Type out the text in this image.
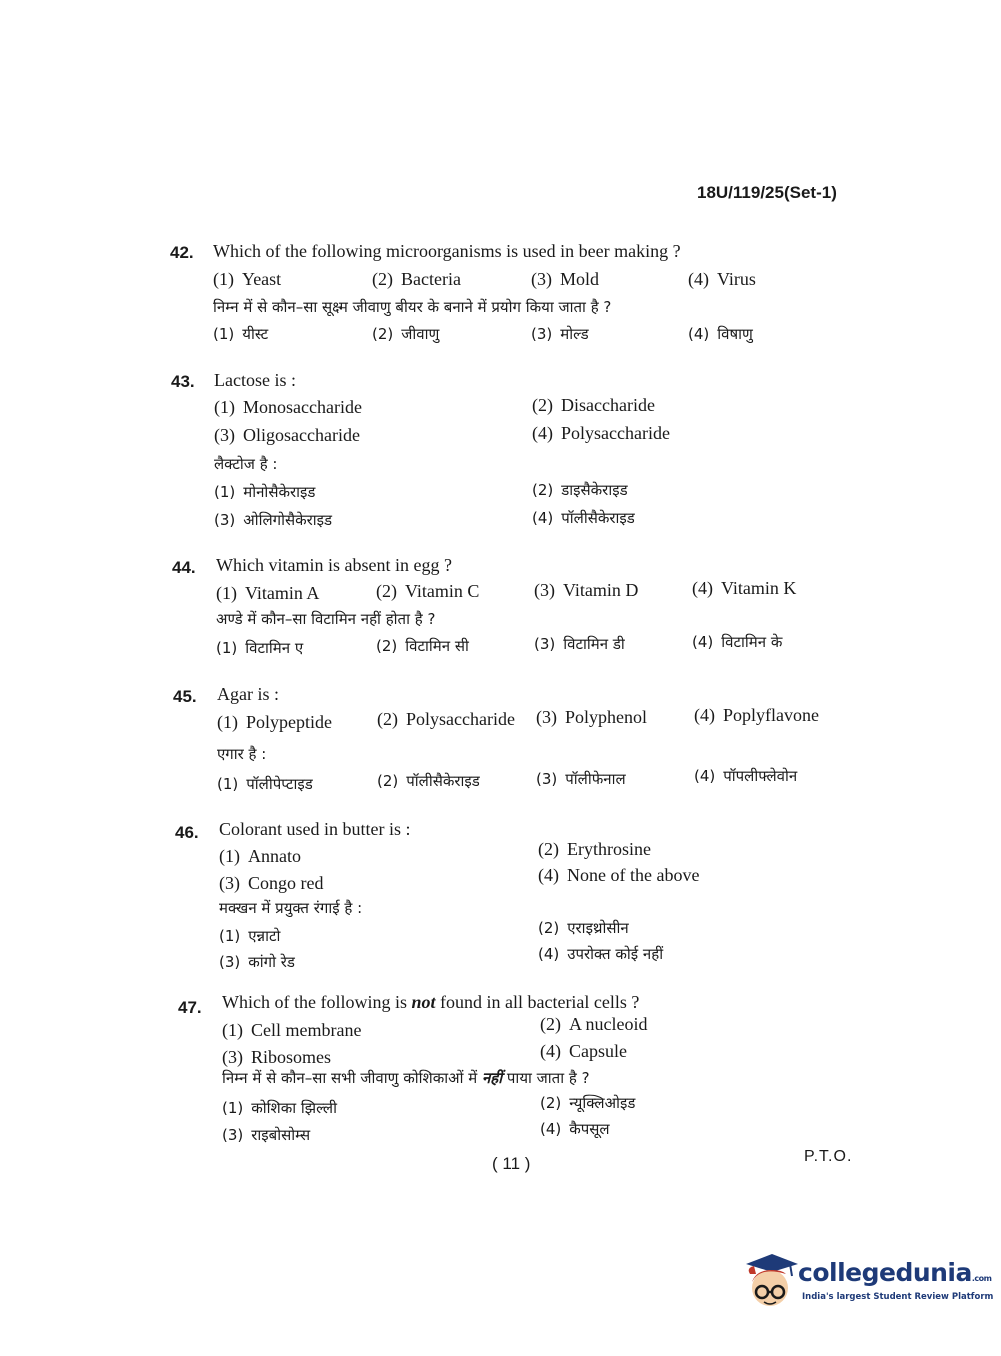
18U/119/25(Set-1)
42. Which of the following microorganisms is used in beer making ?
(1) Yeast	(2) Bacteria	(3) Mold	(4) Virus
निम्न में से कौन–सा सूक्ष्म जीवाणु बीयर के बनाने में प्रयोग किया जाता है ?
(1) यीस्ट	(2) जीवाणु	(3) मोल्ड	(4) विषाणु
43. Lactose is :
(1) Monosaccharide	(2) Disaccharide
(3) Oligosaccharide	(4) Polysaccharide
लैक्टोज है :
(1) मोनोसैकेराइड	(2) डाइसैकेराइड
(3) ओलिगोसैकेराइड	(4) पॉलीसैकेराइड
44. Which vitamin is absent in egg ?
(1) Vitamin A	(2) Vitamin C	(3) Vitamin D	(4) Vitamin K
अण्डे में कौन–सा विटामिन नहीं होता है ?
(1) विटामिन ए	(2) विटामिन सी	(3) विटामिन डी	(4) विटामिन के
45. Agar is :
(1) Polypeptide	(2) Polysaccharide (3) Polyphenol	(4) Poplyflavone
एगार है :
(1) पॉलीपेप्टाइड	(2) पॉलीसैकेराइड	(3) पॉलीफेनाल	(4) पॉपलीफ्लेवोन
46. Colorant used in butter is :
(1) Annato	(2) Erythrosine
(3) Congo red	(4) None of the above
मक्खन में प्रयुक्त रंगाई है :
(1) एन्नाटो	(2) एराइथ्रोसीन
(3) कांगो रेड	(4) उपरोक्त कोई नहीं
47. Which of the following is not found in all bacterial cells ?
(1) Cell membrane	(2) A nucleoid
(3) Ribosomes	(4) Capsule
निम्न में से कौन–सा सभी जीवाणु कोशिकाओं में नहीं पाया जाता है ?
(1) कोशिका झिल्ली	(2) न्यूक्लिओइड
(3) राइबोसोम्स	(4) कैपसूल
( 11 )	P.T.O.
collegedunia.com
India's largest Student Review Platform
